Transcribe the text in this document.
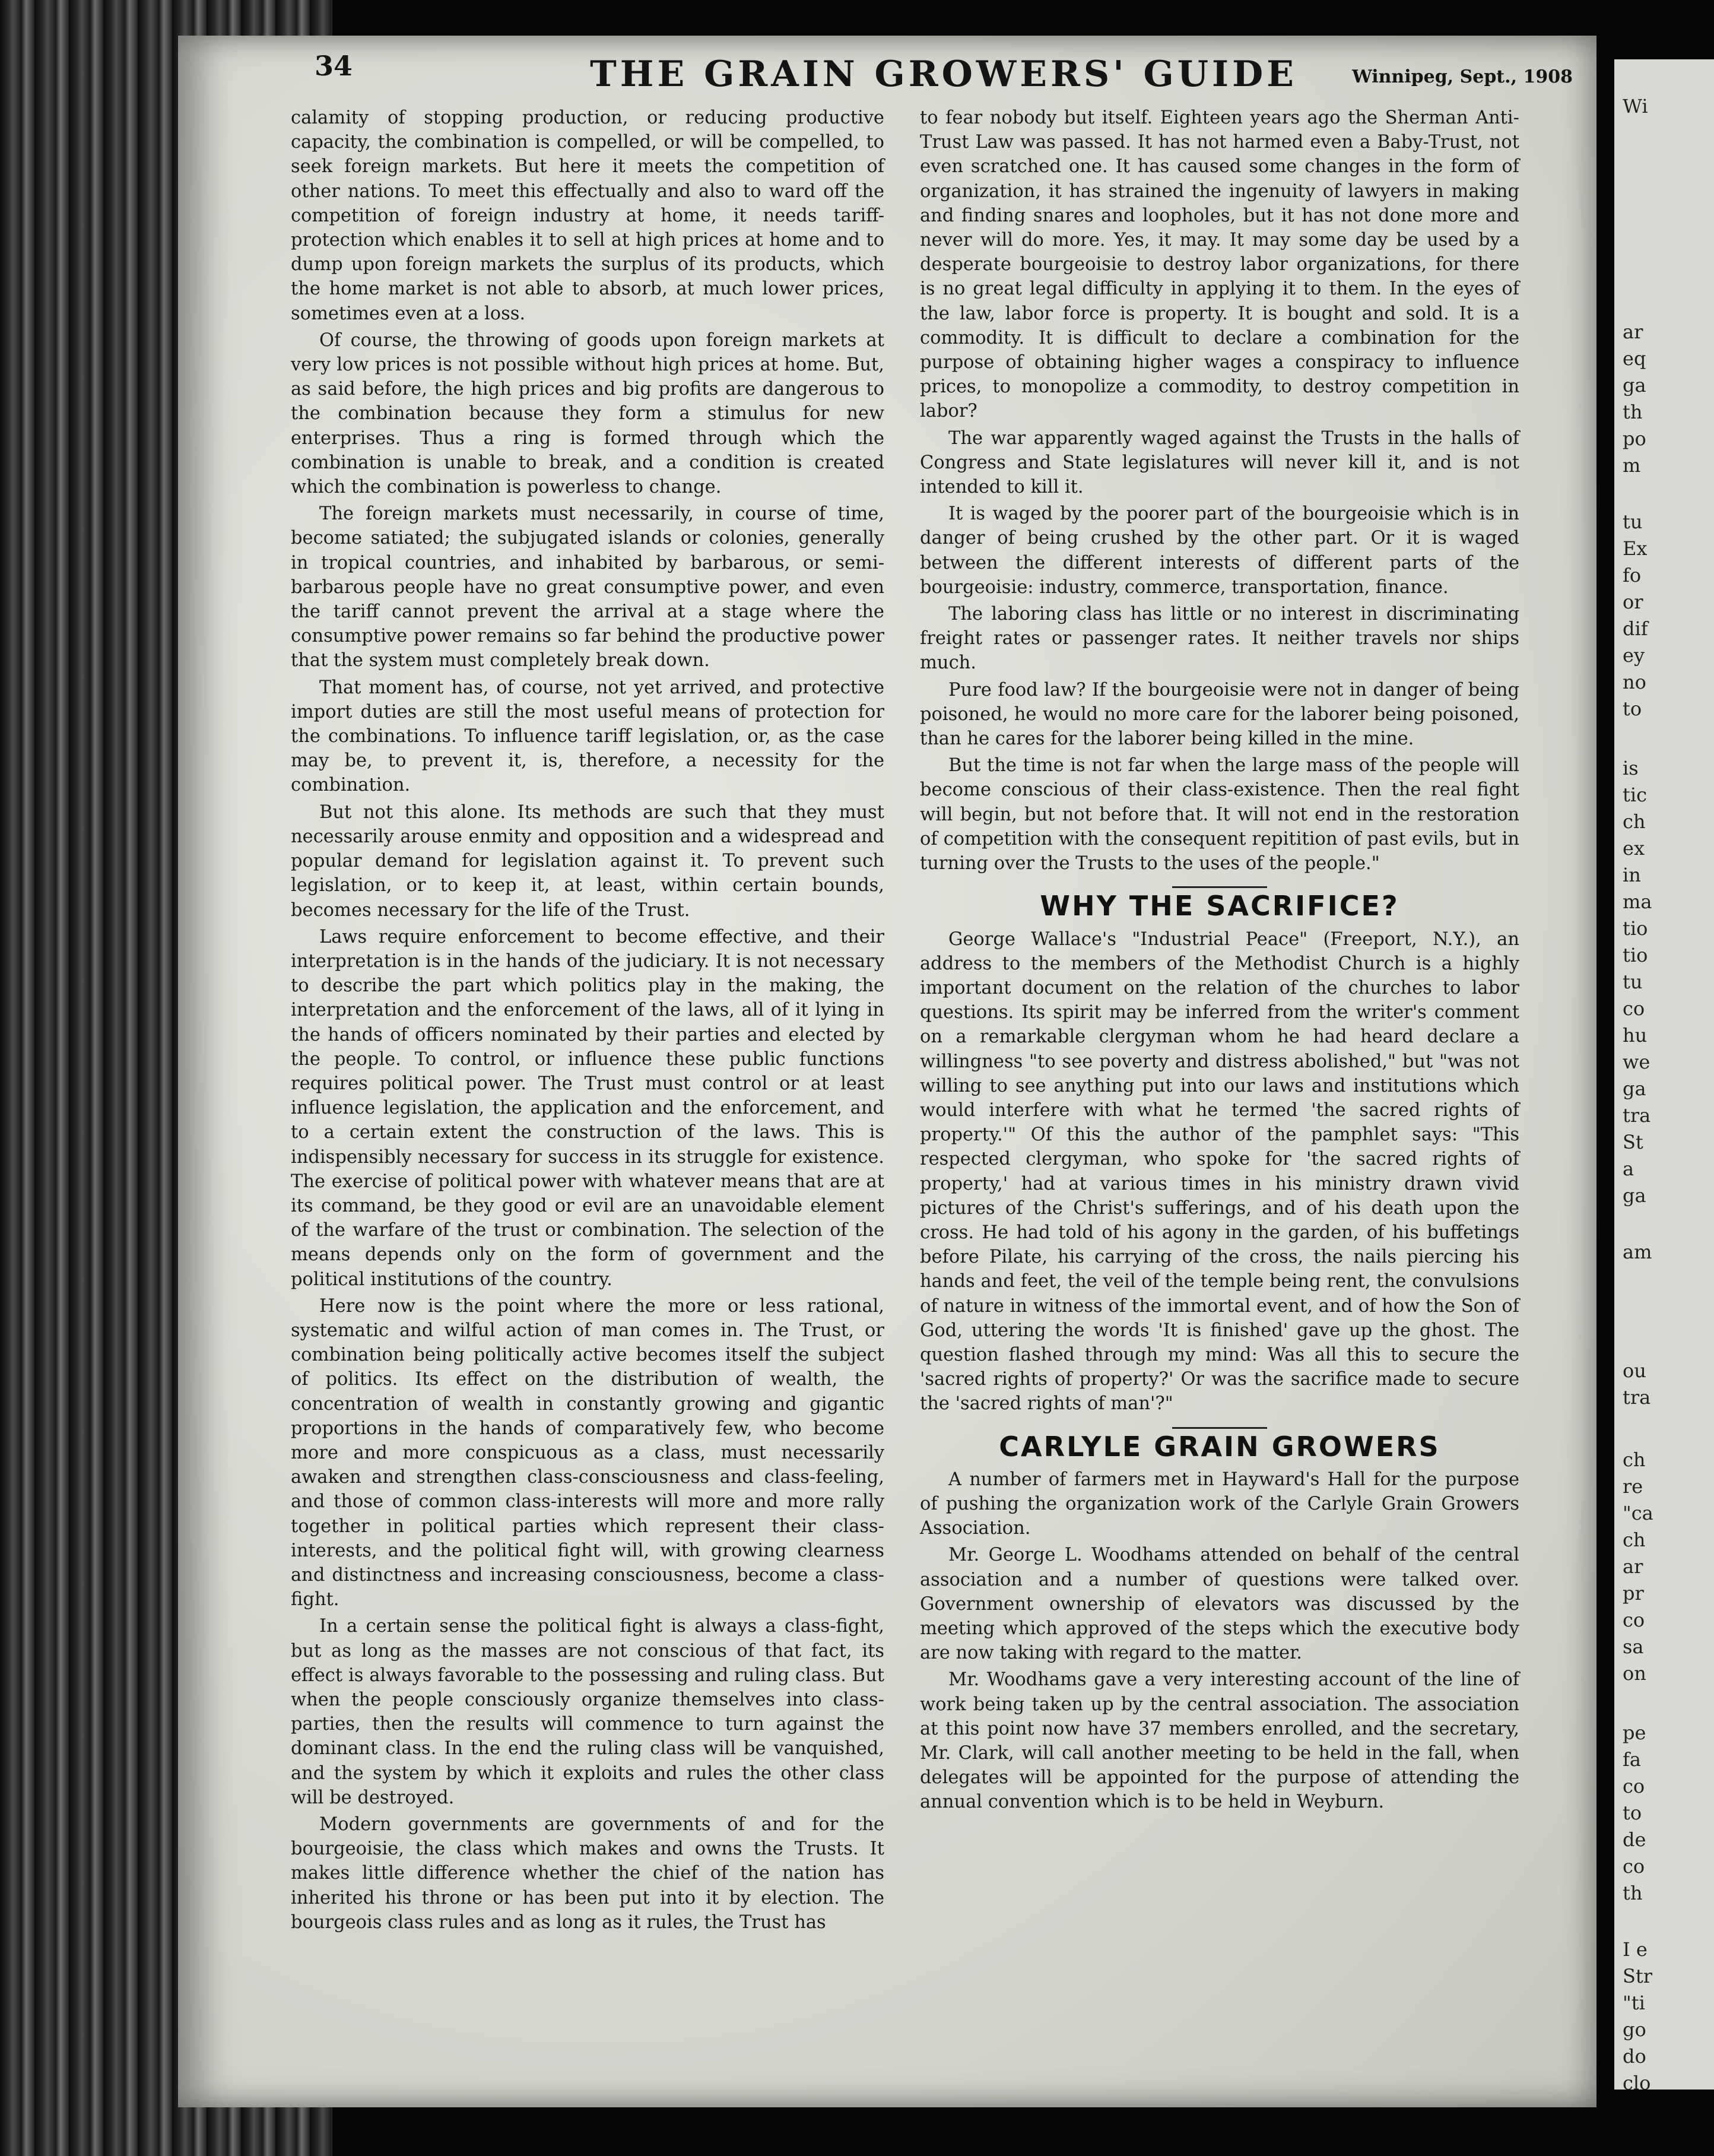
34	THE GRAIN GROWERS' GUIDE	Winnipeg, Sept., 1908

calamity of stopping production, or reducing productive capacity, the combination is compelled, or will be compelled, to seek foreign markets. But here it meets the competition of other nations. To meet this effectually and also to ward off the competition of foreign industry at home, it needs tariff-protection which enables it to sell at high prices at home and to dump upon foreign markets the surplus of its products, which the home market is not able to absorb, at much lower prices, sometimes even at a loss.

Of course, the throwing of goods upon foreign markets at very low prices is not possible without high prices at home. But, as said before, the high prices and big profits are dangerous to the combination because they form a stimulus for new enterprises. Thus a ring is formed through which the combination is unable to break, and a condition is created which the combination is powerless to change.

The foreign markets must necessarily, in course of time, become satiated; the subjugated islands or colonies, generally in tropical countries, and inhabited by barbarous, or semi-barbarous people have no great consumptive power, and even the tariff cannot prevent the arrival at a stage where the consumptive power remains so far behind the productive power that the system must completely break down.

That moment has, of course, not yet arrived, and protective import duties are still the most useful means of protection for the combinations. To influence tariff legislation, or, as the case may be, to prevent it, is, therefore, a necessity for the combination.

But not this alone. Its methods are such that they must necessarily arouse enmity and opposition and a widespread and popular demand for legislation against it. To prevent such legislation, or to keep it, at least, within certain bounds, becomes necessary for the life of the Trust.

Laws require enforcement to become effective, and their interpretation is in the hands of the judiciary. It is not necessary to describe the part which politics play in the making, the interpretation and the enforcement of the laws, all of it lying in the hands of officers nominated by their parties and elected by the people. To control, or influence these public functions requires political power. The Trust must control or at least influence legislation, the application and the enforcement, and to a certain extent the construction of the laws. This is indispensibly necessary for success in its struggle for existence. The exercise of political power with whatever means that are at its command, be they good or evil are an unavoidable element of the warfare of the trust or combination. The selection of the means depends only on the form of government and the political institutions of the country.

Here now is the point where the more or less rational, systematic and wilful action of man comes in. The Trust, or combination being politically active becomes itself the subject of politics. Its effect on the distribution of wealth, the concentration of wealth in constantly growing and gigantic proportions in the hands of comparatively few, who become more and more conspicuous as a class, must necessarily awaken and strengthen class-consciousness and class-feeling, and those of common class-interests will more and more rally together in political parties which represent their class-interests, and the political fight will, with growing clearness and distinctness and increasing consciousness, become a class-fight.

In a certain sense the political fight is always a class-fight, but as long as the masses are not conscious of that fact, its effect is always favorable to the possessing and ruling class. But when the people consciously organize themselves into class-parties, then the results will commence to turn against the dominant class. In the end the ruling class will be vanquished, and the system by which it exploits and rules the other class will be destroyed.

Modern governments are governments of and for the bourgeoisie, the class which makes and owns the Trusts. It makes little difference whether the chief of the nation has inherited his throne or has been put into it by election. The bourgeois class rules and as long as it rules, the Trust has

to fear nobody but itself. Eighteen years ago the Sherman Anti-Trust Law was passed. It has not harmed even a Baby-Trust, not even scratched one. It has caused some changes in the form of organization, it has strained the ingenuity of lawyers in making and finding snares and loopholes, but it has not done more and never will do more. Yes, it may. It may some day be used by a desperate bourgeoisie to destroy labor organizations, for there is no great legal difficulty in applying it to them. In the eyes of the law, labor force is property. It is bought and sold. It is a commodity. It is difficult to declare a combination for the purpose of obtaining higher wages a conspiracy to influence prices, to monopolize a commodity, to destroy competition in labor?

The war apparently waged against the Trusts in the halls of Congress and State legislatures will never kill it, and is not intended to kill it.

It is waged by the poorer part of the bourgeoisie which is in danger of being crushed by the other part. Or it is waged between the different interests of different parts of the bourgeoisie: industry, commerce, transportation, finance.

The laboring class has little or no interest in discriminating freight rates or passenger rates. It neither travels nor ships much.

Pure food law? If the bourgeoisie were not in danger of being poisoned, he would no more care for the laborer being poisoned, than he cares for the laborer being killed in the mine.

But the time is not far when the large mass of the people will become conscious of their class-existence. Then the real fight will begin, but not before that. It will not end in the restoration of competition with the consequent repitition of past evils, but in turning over the Trusts to the uses of the people."

WHY THE SACRIFICE?

George Wallace's "Industrial Peace" (Freeport, N.Y.), an address to the members of the Methodist Church is a highly important document on the relation of the churches to labor questions. Its spirit may be inferred from the writer's comment on a remarkable clergyman whom he had heard declare a willingness "to see poverty and distress abolished," but "was not willing to see anything put into our laws and institutions which would interfere with what he termed 'the sacred rights of property.'" Of this the author of the pamphlet says: "This respected clergyman, who spoke for 'the sacred rights of property,' had at various times in his ministry drawn vivid pictures of the Christ's sufferings, and of his death upon the cross. He had told of his agony in the garden, of his buffetings before Pilate, his carrying of the cross, the nails piercing his hands and feet, the veil of the temple being rent, the convulsions of nature in witness of the immortal event, and of how the Son of God, uttering the words 'It is finished' gave up the ghost. The question flashed through my mind: Was all this to secure the 'sacred rights of property?' Or was the sacrifice made to secure the 'sacred rights of man'?"

CARLYLE GRAIN GROWERS

A number of farmers met in Hayward's Hall for the purpose of pushing the organization work of the Carlyle Grain Growers Association.

Mr. George L. Woodhams attended on behalf of the central association and a number of questions were talked over. Government ownership of elevators was discussed by the meeting which approved of the steps which the executive body are now taking with regard to the matter.

Mr. Woodhams gave a very interesting account of the line of work being taken up by the central association. The association at this point now have 37 members enrolled, and the secretary, Mr. Clark, will call another meeting to be held in the fall, when delegates will be appointed for the purpose of attending the annual convention which is to be held in Weyburn.

Wi
ar
eq
ga
th
po
m
tu
Ex
fo
or
dif
ey
no
to
is
tic
ch
ex
in
ma
tio
tio
tu
co
hu
we
ga
tra
St
a
ga
am
ou
tra
ch
re
"ca
ch
ar
pr
co
sa
on
pe
fa
co
to
de
co
th
I e
Str
"ti
go
do
clo
